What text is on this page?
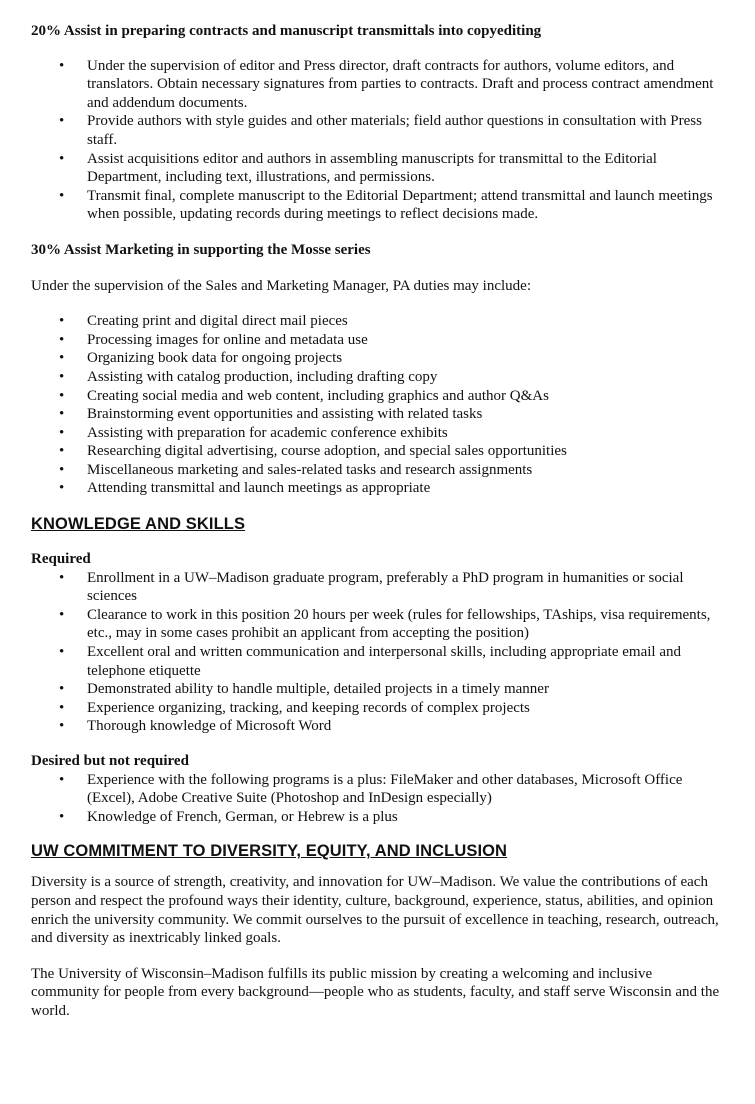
20% Assist in preparing contracts and manuscript transmittals into copyediting
• Under the supervision of editor and Press director, draft contracts for authors, volume editors, and translators. Obtain necessary signatures from parties to contracts. Draft and process contract amendment and addendum documents.
• Provide authors with style guides and other materials; field author questions in consultation with Press staff.
• Assist acquisitions editor and authors in assembling manuscripts for transmittal to the Editorial Department, including text, illustrations, and permissions.
• Transmit final, complete manuscript to the Editorial Department; attend transmittal and launch meetings when possible, updating records during meetings to reflect decisions made.
30% Assist Marketing in supporting the Mosse series

Under the supervision of the Sales and Marketing Manager, PA duties may include:

• Creating print and digital direct mail pieces
• Processing images for online and metadata use
• Organizing book data for ongoing projects
• Assisting with catalog production, including drafting copy
• Creating social media and web content, including graphics and author Q&As
• Brainstorming event opportunities and assisting with related tasks
• Assisting with preparation for academic conference exhibits
• Researching digital advertising, course adoption, and special sales opportunities
• Miscellaneous marketing and sales-related tasks and research assignments
• Attending transmittal and launch meetings as appropriate
KNOWLEDGE AND SKILLS
Required
• Enrollment in a UW–Madison graduate program, preferably a PhD program in humanities or social sciences
• Clearance to work in this position 20 hours per week (rules for fellowships, TAships, visa requirements, etc., may in some cases prohibit an applicant from accepting the position)
• Excellent oral and written communication and interpersonal skills, including appropriate email and telephone etiquette
• Demonstrated ability to handle multiple, detailed projects in a timely manner
• Experience organizing, tracking, and keeping records of complex projects
• Thorough knowledge of Microsoft Word
Desired but not required
• Experience with the following programs is a plus: FileMaker and other databases, Microsoft Office (Excel), Adobe Creative Suite (Photoshop and InDesign especially)
• Knowledge of French, German, or Hebrew is a plus
UW COMMITMENT TO DIVERSITY, EQUITY, AND INCLUSION

Diversity is a source of strength, creativity, and innovation for UW–Madison. We value the contributions of each person and respect the profound ways their identity, culture, background, experience, status, abilities, and opinion enrich the university community. We commit ourselves to the pursuit of excellence in teaching, research, outreach, and diversity as inextricably linked goals.

The University of Wisconsin–Madison fulfills its public mission by creating a welcoming and inclusive community for people from every background—people who as students, faculty, and staff serve Wisconsin and the world.
